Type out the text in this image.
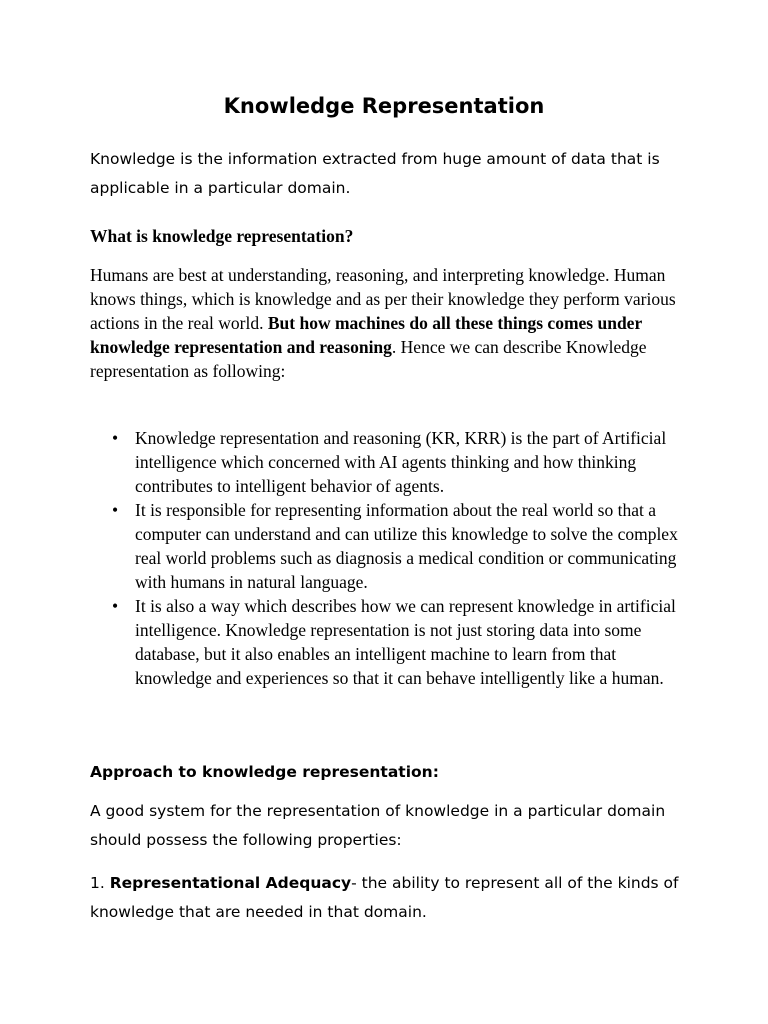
Knowledge Representation

Knowledge is the information extracted from huge amount of data that is applicable in a particular domain.

What is knowledge representation?

Humans are best at understanding, reasoning, and interpreting knowledge. Human knows things, which is knowledge and as per their knowledge they perform various actions in the real world. But how machines do all these things comes under knowledge representation and reasoning. Hence we can describe Knowledge representation as following:

• Knowledge representation and reasoning (KR, KRR) is the part of Artificial intelligence which concerned with AI agents thinking and how thinking contributes to intelligent behavior of agents.
• It is responsible for representing information about the real world so that a computer can understand and can utilize this knowledge to solve the complex real world problems such as diagnosis a medical condition or communicating with humans in natural language.
• It is also a way which describes how we can represent knowledge in artificial intelligence. Knowledge representation is not just storing data into some database, but it also enables an intelligent machine to learn from that knowledge and experiences so that it can behave intelligently like a human.

Approach to knowledge representation:

A good system for the representation of knowledge in a particular domain should possess the following properties:

1. Representational Adequacy- the ability to represent all of the kinds of knowledge that are needed in that domain.
